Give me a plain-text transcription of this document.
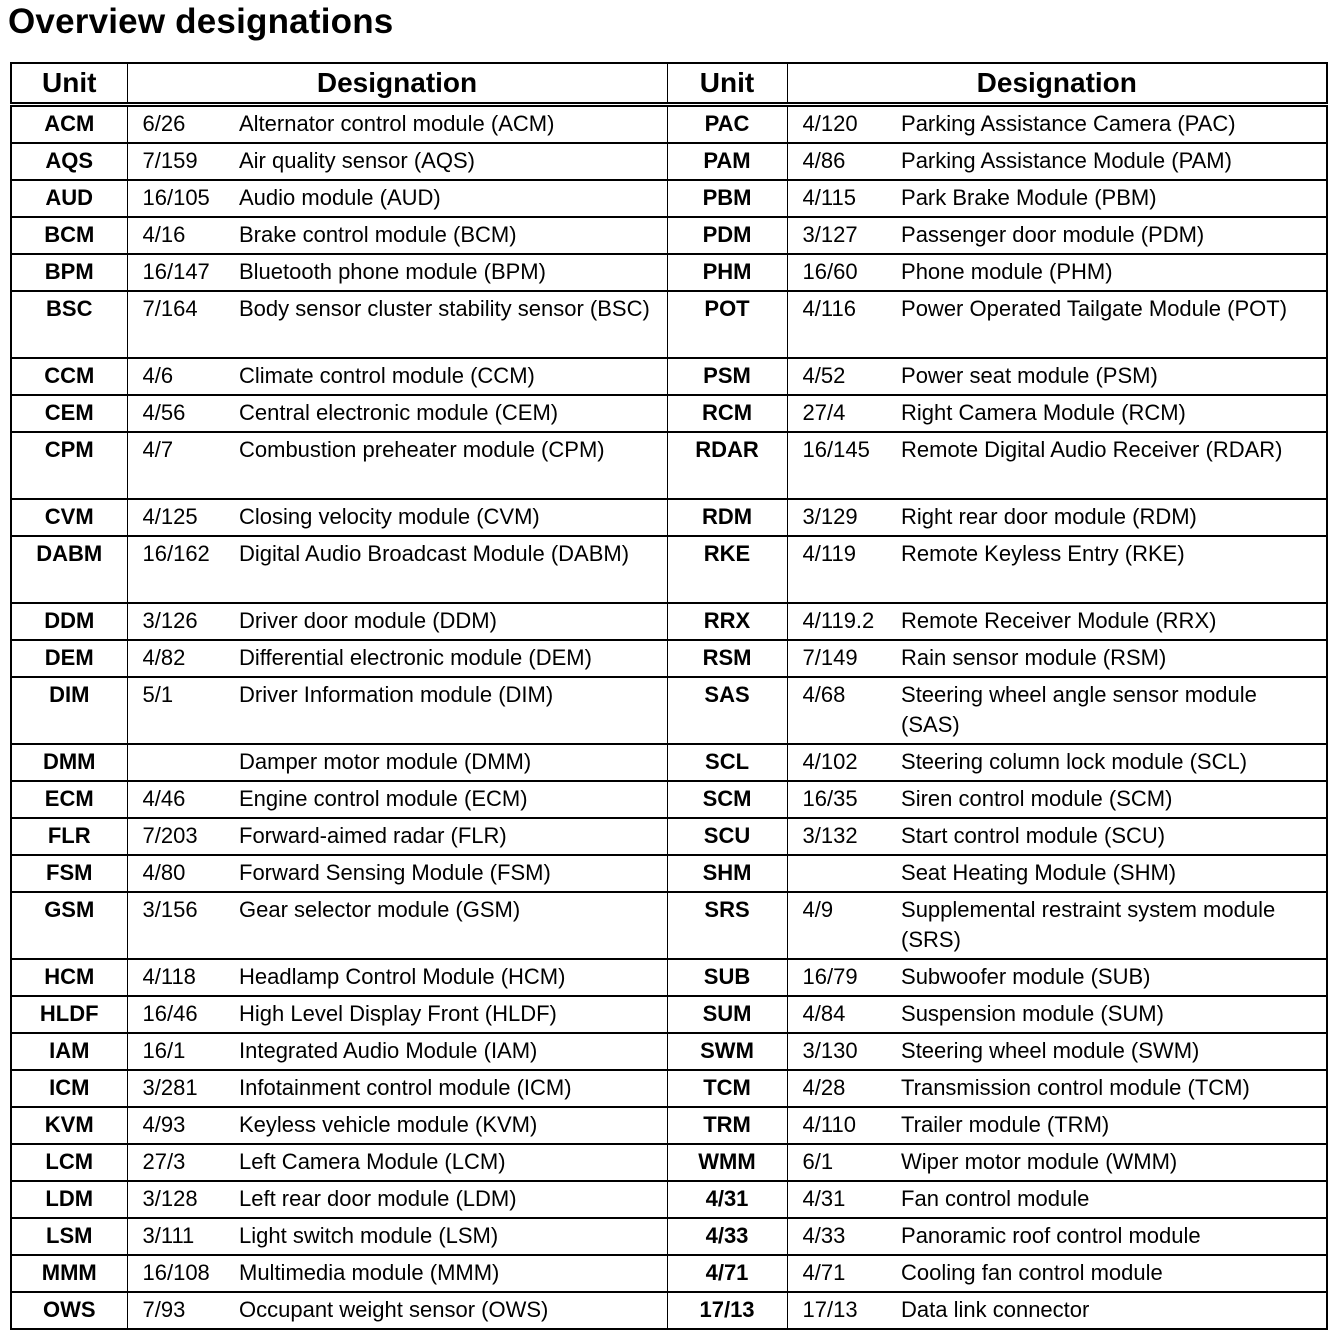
Overview designations
Unit	Designation		Unit	Designation	
ACM	6/26	Alternator control module (ACM)	PAC	4/120	Parking Assistance Camera (PAC)
AQS	7/159	Air quality sensor (AQS)	PAM	4/86	Parking Assistance Module (PAM)
AUD	16/105	Audio module (AUD)	PBM	4/115	Park Brake Module (PBM)
BCM	4/16	Brake control module (BCM)	PDM	3/127	Passenger door module (PDM)
BPM	16/147	Bluetooth phone module (BPM)	PHM	16/60	Phone module (PHM)
BSC	7/164	Body sensor cluster stability sensor (BSC)	POT	4/116	Power Operated Tailgate Module (POT)
CCM	4/6	Climate control module (CCM)	PSM	4/52	Power seat module (PSM)
CEM	4/56	Central electronic module (CEM)	RCM	27/4	Right Camera Module (RCM)
CPM	4/7	Combustion preheater module (CPM)	RDAR	16/145	Remote Digital Audio Receiver (RDAR)
CVM	4/125	Closing velocity module (CVM)	RDM	3/129	Right rear door module (RDM)
DABM	16/162	Digital Audio Broadcast Module (DABM)	RKE	4/119	Remote Keyless Entry (RKE)
DDM	3/126	Driver door module (DDM)	RRX	4/119.2	Remote Receiver Module (RRX)
DEM	4/82	Differential electronic module (DEM)	RSM	7/149	Rain sensor module (RSM)
DIM	5/1	Driver Information module (DIM)	SAS	4/68	Steering wheel angle sensor module (SAS)
DMM		Damper motor module (DMM)	SCL	4/102	Steering column lock module (SCL)
ECM	4/46	Engine control module (ECM)	SCM	16/35	Siren control module (SCM)
FLR	7/203	Forward-aimed radar (FLR)	SCU	3/132	Start control module (SCU)
FSM	4/80	Forward Sensing Module (FSM)	SHM		Seat Heating Module (SHM)
GSM	3/156	Gear selector module (GSM)	SRS	4/9	Supplemental restraint system module (SRS)
HCM	4/118	Headlamp Control Module (HCM)	SUB	16/79	Subwoofer module (SUB)
HLDF	16/46	High Level Display Front (HLDF)	SUM	4/84	Suspension module (SUM)
IAM	16/1	Integrated Audio Module (IAM)	SWM	3/130	Steering wheel module (SWM)
ICM	3/281	Infotainment control module (ICM)	TCM	4/28	Transmission control module (TCM)
KVM	4/93	Keyless vehicle module (KVM)	TRM	4/110	Trailer module (TRM)
LCM	27/3	Left Camera Module (LCM)	WMM	6/1	Wiper motor module (WMM)
LDM	3/128	Left rear door module (LDM)	4/31	4/31	Fan control module
LSM	3/111	Light switch module (LSM)	4/33	4/33	Panoramic roof control module
MMM	16/108	Multimedia module (MMM)	4/71	4/71	Cooling fan control module
OWS	7/93	Occupant weight sensor (OWS)	17/13	17/13	Data link connector
